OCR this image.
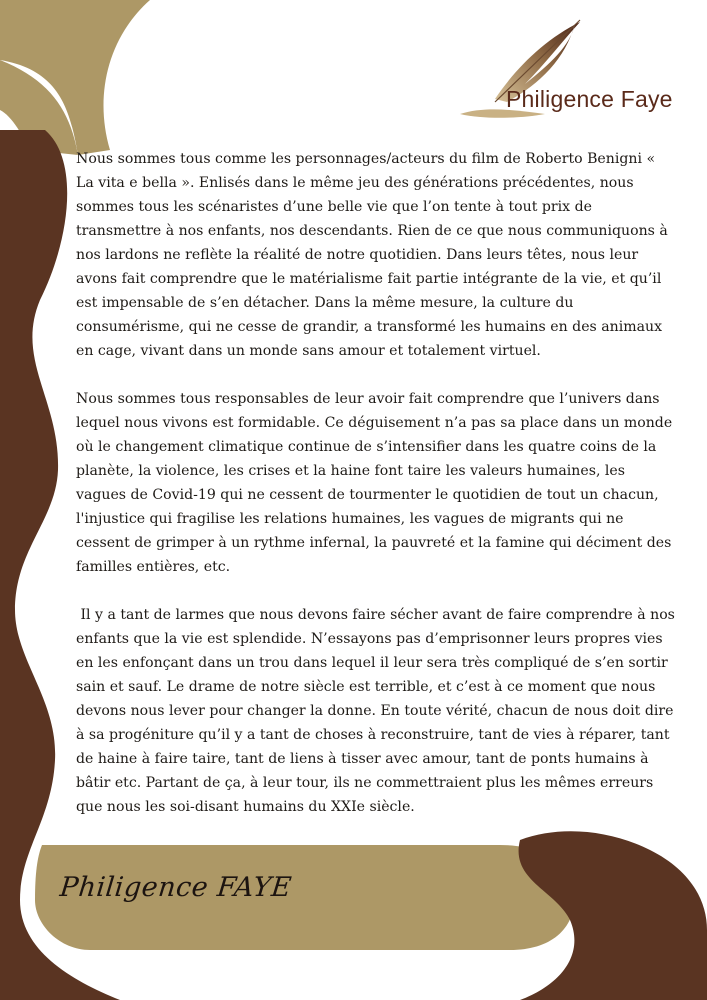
Philigence Faye

Nous sommes tous comme les personnages/acteurs du film de Roberto Benigni « La vita e bella ». Enlisés dans le même jeu des générations précédentes, nous sommes tous les scénaristes d’une belle vie que l’on tente à tout prix de transmettre à nos enfants, nos descendants. Rien de ce que nous communiquons à nos lardons ne reflète la réalité de notre quotidien. Dans leurs têtes, nous leur avons fait comprendre que le matérialisme fait partie intégrante de la vie, et qu’il est impensable de s’en détacher. Dans la même mesure, la culture du consumérisme, qui ne cesse de grandir, a transformé les humains en des animaux en cage, vivant dans un monde sans amour et totalement virtuel.

Nous sommes tous responsables de leur avoir fait comprendre que l’univers dans lequel nous vivons est formidable. Ce déguisement n’a pas sa place dans un monde où le changement climatique continue de s’intensifier dans les quatre coins de la planète, la violence, les crises et la haine font taire les valeurs humaines, les vagues de Covid-19 qui ne cessent de tourmenter le quotidien de tout un chacun, l'injustice qui fragilise les relations humaines, les vagues de migrants qui ne cessent de grimper à un rythme infernal, la pauvreté et la famine qui déciment des familles entières, etc.

Il y a tant de larmes que nous devons faire sécher avant de faire comprendre à nos enfants que la vie est splendide. N’essayons pas d’emprisonner leurs propres vies en les enfonçant dans un trou dans lequel il leur sera très compliqué de s’en sortir sain et sauf. Le drame de notre siècle est terrible, et c’est à ce moment que nous devons nous lever pour changer la donne. En toute vérité, chacun de nous doit dire à sa progéniture qu’il y a tant de choses à reconstruire, tant de vies à réparer, tant de haine à faire taire, tant de liens à tisser avec amour, tant de ponts humains à bâtir etc. Partant de ça, à leur tour, ils ne commettraient plus les mêmes erreurs que nous les soi-disant humains du XXIe siècle.

Philigence FAYE
